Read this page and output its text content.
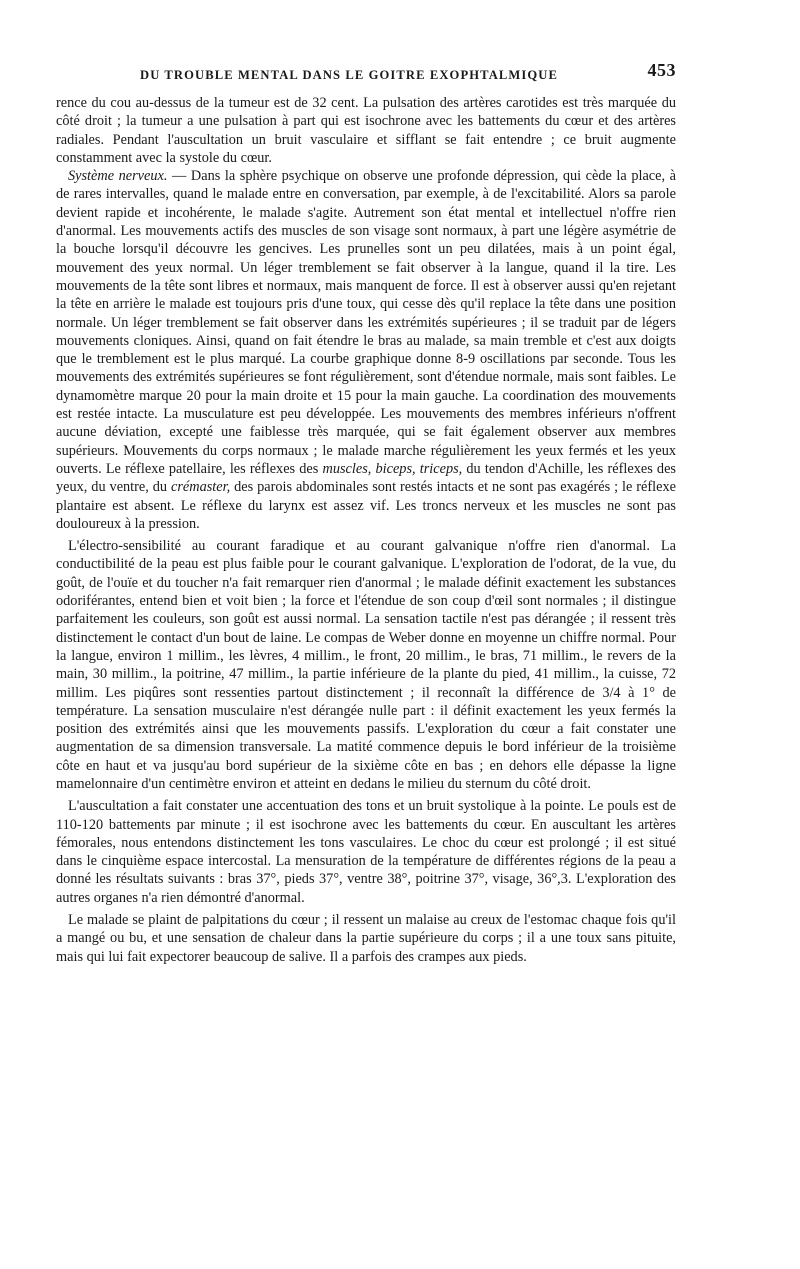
DU TROUBLE MENTAL DANS LE GOITRE EXOPHTALMIQUE	453

rence du cou au-dessus de la tumeur est de 32 cent. La pulsation des artères carotides est très marquée du côté droit ; la tumeur a une pulsation à part qui est isochrone avec les battements du cœur et des artères radiales. Pendant l'auscultation un bruit vasculaire et sifflant se fait entendre ; ce bruit augmente constamment avec la systole du cœur.

Système nerveux. — Dans la sphère psychique on observe une profonde dépression, qui cède la place, à de rares intervalles, quand le malade entre en conversation, par exemple, à de l'excitabilité. Alors sa parole devient rapide et incohérente, le malade s'agite. Autrement son état mental et intellectuel n'offre rien d'anormal. Les mouvements actifs des muscles de son visage sont normaux, à part une légère asymétrie de la bouche lorsqu'il découvre les gencives. Les prunelles sont un peu dilatées, mais à un point égal, mouvement des yeux normal. Un léger tremblement se fait observer à la langue, quand il la tire. Les mouvements de la tête sont libres et normaux, mais manquent de force. Il est à observer aussi qu'en rejetant la tête en arrière le malade est toujours pris d'une toux, qui cesse dès qu'il replace la tête dans une position normale. Un léger tremblement se fait observer dans les extrémités supérieures ; il se traduit par de légers mouvements cloniques. Ainsi, quand on fait étendre le bras au malade, sa main tremble et c'est aux doigts que le tremblement est le plus marqué. La courbe graphique donne 8-9 oscillations par seconde. Tous les mouvements des extrémités supérieures se font régulièrement, sont d'étendue normale, mais sont faibles. Le dynamomètre marque 20 pour la main droite et 15 pour la main gauche. La coordination des mouvements est restée intacte. La musculature est peu développée. Les mouvements des membres inférieurs n'offrent aucune déviation, excepté une faiblesse très marquée, qui se fait également observer aux membres supérieurs. Mouvements du corps normaux ; le malade marche régulièrement les yeux fermés et les yeux ouverts. Le réflexe patellaire, les réflexes des muscles, biceps, triceps, du tendon d'Achille, les réflexes des yeux, du ventre, du crémaster, des parois abdominales sont restés intacts et ne sont pas exagérés ; le réflexe plantaire est absent. Le réflexe du larynx est assez vif. Les troncs nerveux et les muscles ne sont pas douloureux à la pression.

L'électro-sensibilité au courant faradique et au courant galvanique n'offre rien d'anormal. La conductibilité de la peau est plus faible pour le courant galvanique. L'exploration de l'odorat, de la vue, du goût, de l'ouïe et du toucher n'a fait remarquer rien d'anormal ; le malade définit exactement les substances odoriférantes, entend bien et voit bien ; la force et l'étendue de son coup d'œil sont normales ; il distingue parfaitement les couleurs, son goût est aussi normal. La sensation tactile n'est pas dérangée ; il ressent très distinctement le contact d'un bout de laine. Le compas de Weber donne en moyenne un chiffre normal. Pour la langue, environ 1 millim., les lèvres, 4 millim., le front, 20 millim., le bras, 71 millim., le revers de la main, 30 millim., la poitrine, 47 millim., la partie inférieure de la plante du pied, 41 millim., la cuisse, 72 millim. Les piqûres sont ressenties partout distinctement ; il reconnaît la différence de 3/4 à 1° de température. La sensation musculaire n'est dérangée nulle part : il définit exactement les yeux fermés la position des extrémités ainsi que les mouvements passifs. L'exploration du cœur a fait constater une augmentation de sa dimension transversale. La matité commence depuis le bord inférieur de la troisième côte en haut et va jusqu'au bord supérieur de la sixième côte en bas ; en dehors elle dépasse la ligne mamelonnaire d'un centimètre environ et atteint en dedans le milieu du sternum du côté droit.

L'auscultation a fait constater une accentuation des tons et un bruit systolique à la pointe. Le pouls est de 110-120 battements par minute ; il est isochrone avec les battements du cœur. En auscultant les artères fémorales, nous entendons distinctement les tons vasculaires. Le choc du cœur est prolongé ; il est situé dans le cinquième espace intercostal. La mensuration de la température de différentes régions de la peau a donné les résultats suivants : bras 37°, pieds 37°, ventre 38°, poitrine 37°, visage, 36°,3. L'exploration des autres organes n'a rien démontré d'anormal.

Le malade se plaint de palpitations du cœur ; il ressent un malaise au creux de l'estomac chaque fois qu'il a mangé ou bu, et une sensation de chaleur dans la partie supérieure du corps ; il a une toux sans pituite, mais qui lui fait expectorer beaucoup de salive. Il a parfois des crampes aux pieds.
